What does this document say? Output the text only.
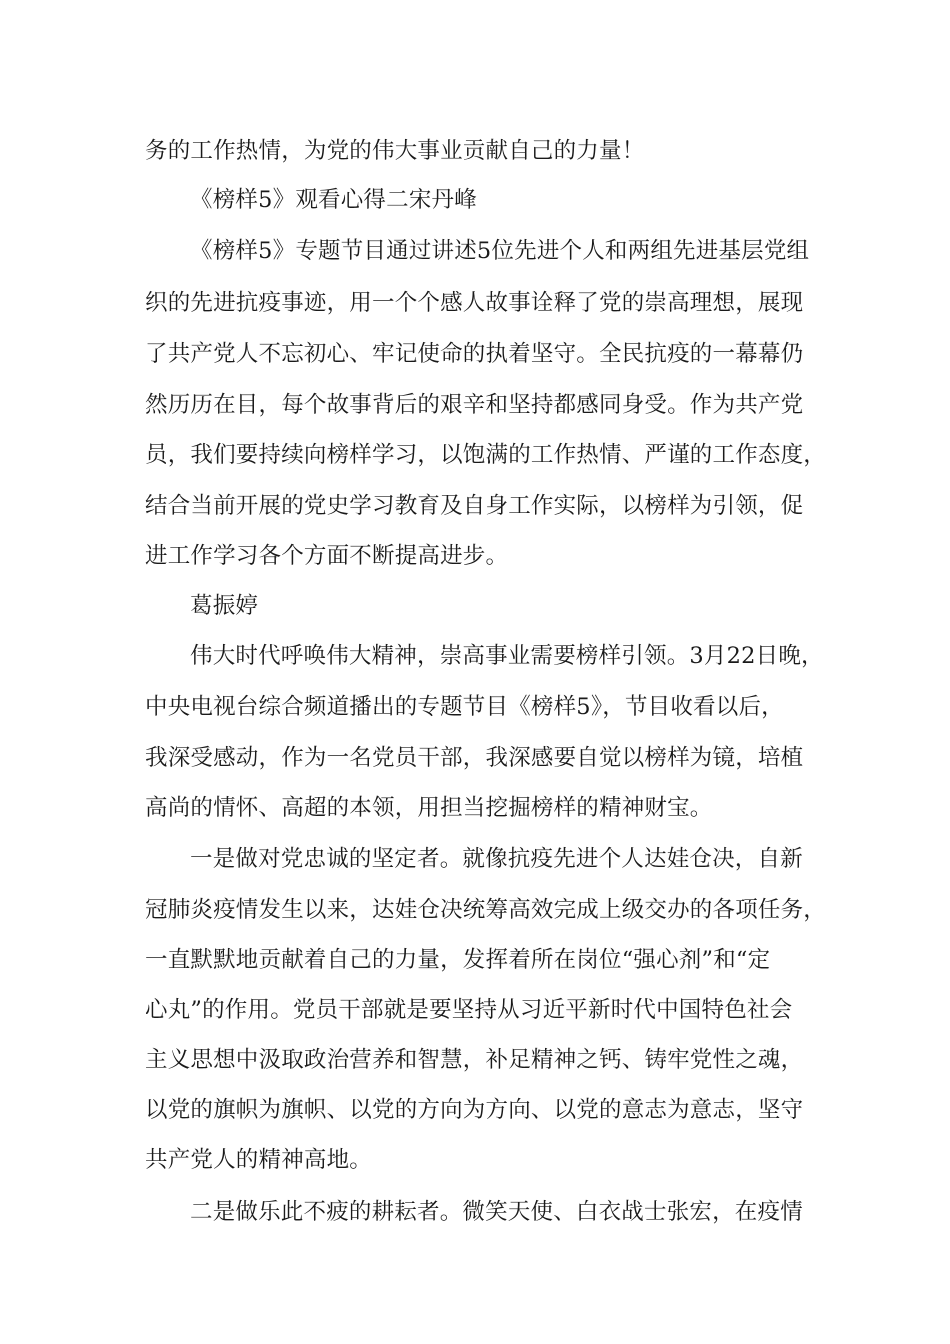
务的工作热情，为党的伟大事业贡献自己的力量！
《榜样5》观看心得二宋丹峰
《榜样5》专题节目通过讲述5位先进个人和两组先进基层党组
织的先进抗疫事迹，用一个个感人故事诠释了党的崇高理想，展现
了共产党人不忘初心、牢记使命的执着坚守。全民抗疫的一幕幕仍
然历历在目，每个故事背后的艰辛和坚持都感同身受。作为共产党
员，我们要持续向榜样学习，以饱满的工作热情、严谨的工作态度，
结合当前开展的党史学习教育及自身工作实际，以榜样为引领，促
进工作学习各个方面不断提高进步。
葛振婷
伟大时代呼唤伟大精神，崇高事业需要榜样引领。3月22日晚，
中央电视台综合频道播出的专题节目《榜样5》，节目收看以后，
我深受感动，作为一名党员干部，我深感要自觉以榜样为镜，培植
高尚的情怀、高超的本领，用担当挖掘榜样的精神财宝。
一是做对党忠诚的坚定者。就像抗疫先进个人达娃仓决，自新
冠肺炎疫情发生以来，达娃仓决统筹高效完成上级交办的各项任务，
一直默默地贡献着自己的力量，发挥着所在岗位“强心剂”和“定
心丸”的作用。党员干部就是要坚持从习近平新时代中国特色社会
主义思想中汲取政治营养和智慧，补足精神之钙、铸牢党性之魂，
以党的旗帜为旗帜、以党的方向为方向、以党的意志为意志，坚守
共产党人的精神高地。
二是做乐此不疲的耕耘者。微笑天使、白衣战士张宏，在疫情
